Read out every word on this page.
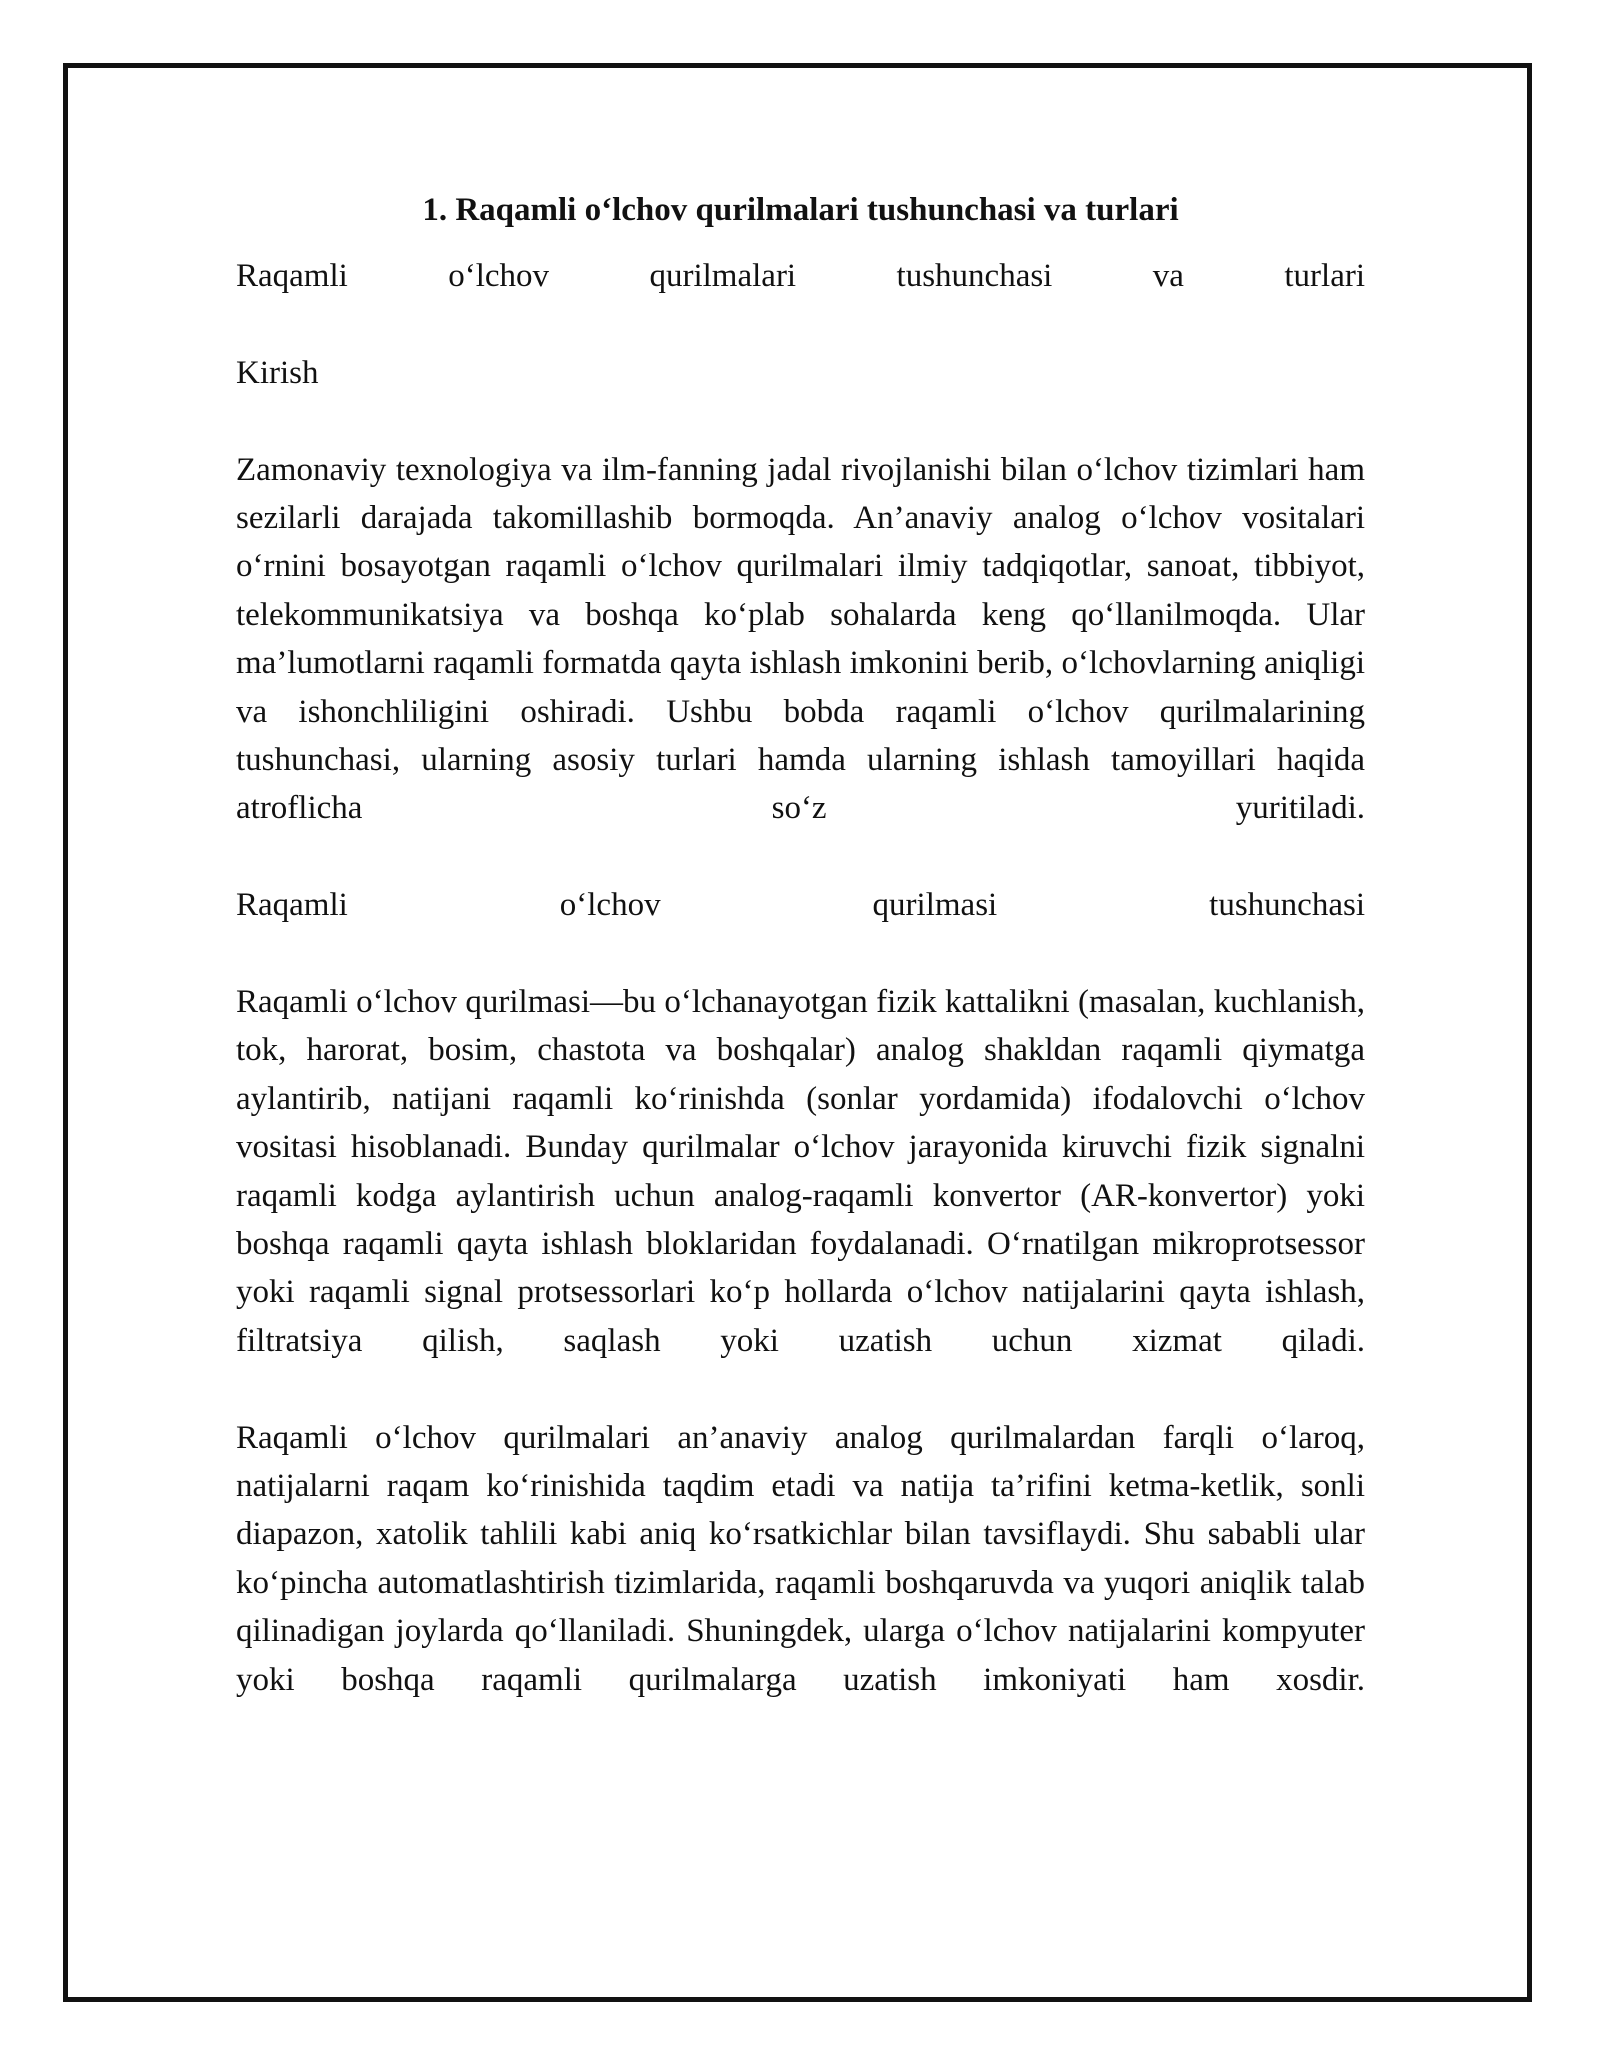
1. Raqamli o‘lchov qurilmalari tushunchasi va turlari

Raqamli o‘lchov qurilmalari tushunchasi va turlari

Kirish

Zamonaviy texnologiya va ilm-fanning jadal rivojlanishi bilan o‘lchov tizimlari ham sezilarli darajada takomillashib bormoqda. An’anaviy analog o‘lchov vositalari o‘rnini bosayotgan raqamli o‘lchov qurilmalari ilmiy tadqiqotlar, sanoat, tibbiyot, telekommunikatsiya va boshqa ko‘plab sohalarda keng qo‘llanilmoqda. Ular ma’lumotlarni raqamli formatda qayta ishlash imkonini berib, o‘lchovlarning aniqligi va ishonchliligini oshiradi. Ushbu bobda raqamli o‘lchov qurilmalarining tushunchasi, ularning asosiy turlari hamda ularning ishlash tamoyillari haqida atroflicha so‘z yuritiladi.

Raqamli o‘lchov qurilmasi tushunchasi

Raqamli o‘lchov qurilmasi—bu o‘lchanayotgan fizik kattalikni (masalan, kuchlanish, tok, harorat, bosim, chastota va boshqalar) analog shakldan raqamli qiymatga aylantirib, natijani raqamli ko‘rinishda (sonlar yordamida) ifodalovchi o‘lchov vositasi hisoblanadi. Bunday qurilmalar o‘lchov jarayonida kiruvchi fizik signalni raqamli kodga aylantirish uchun analog-raqamli konvertor (AR-konvertor) yoki boshqa raqamli qayta ishlash bloklaridan foydalanadi. O‘rnatilgan mikroprotsessor yoki raqamli signal protsessorlari ko‘p hollarda o‘lchov natijalarini qayta ishlash, filtratsiya qilish, saqlash yoki uzatish uchun xizmat qiladi.

Raqamli o‘lchov qurilmalari an’anaviy analog qurilmalardan farqli o‘laroq, natijalarni raqam ko‘rinishida taqdim etadi va natija ta’rifini ketma-ketlik, sonli diapazon, xatolik tahlili kabi aniq ko‘rsatkichlar bilan tavsiflaydi. Shu sababli ular ko‘pincha automatlashtirish tizimlarida, raqamli boshqaruvda va yuqori aniqlik talab qilinadigan joylarda qo‘llaniladi. Shuningdek, ularga o‘lchov natijalarini kompyuter yoki boshqa raqamli qurilmalarga uzatish imkoniyati ham xosdir.
